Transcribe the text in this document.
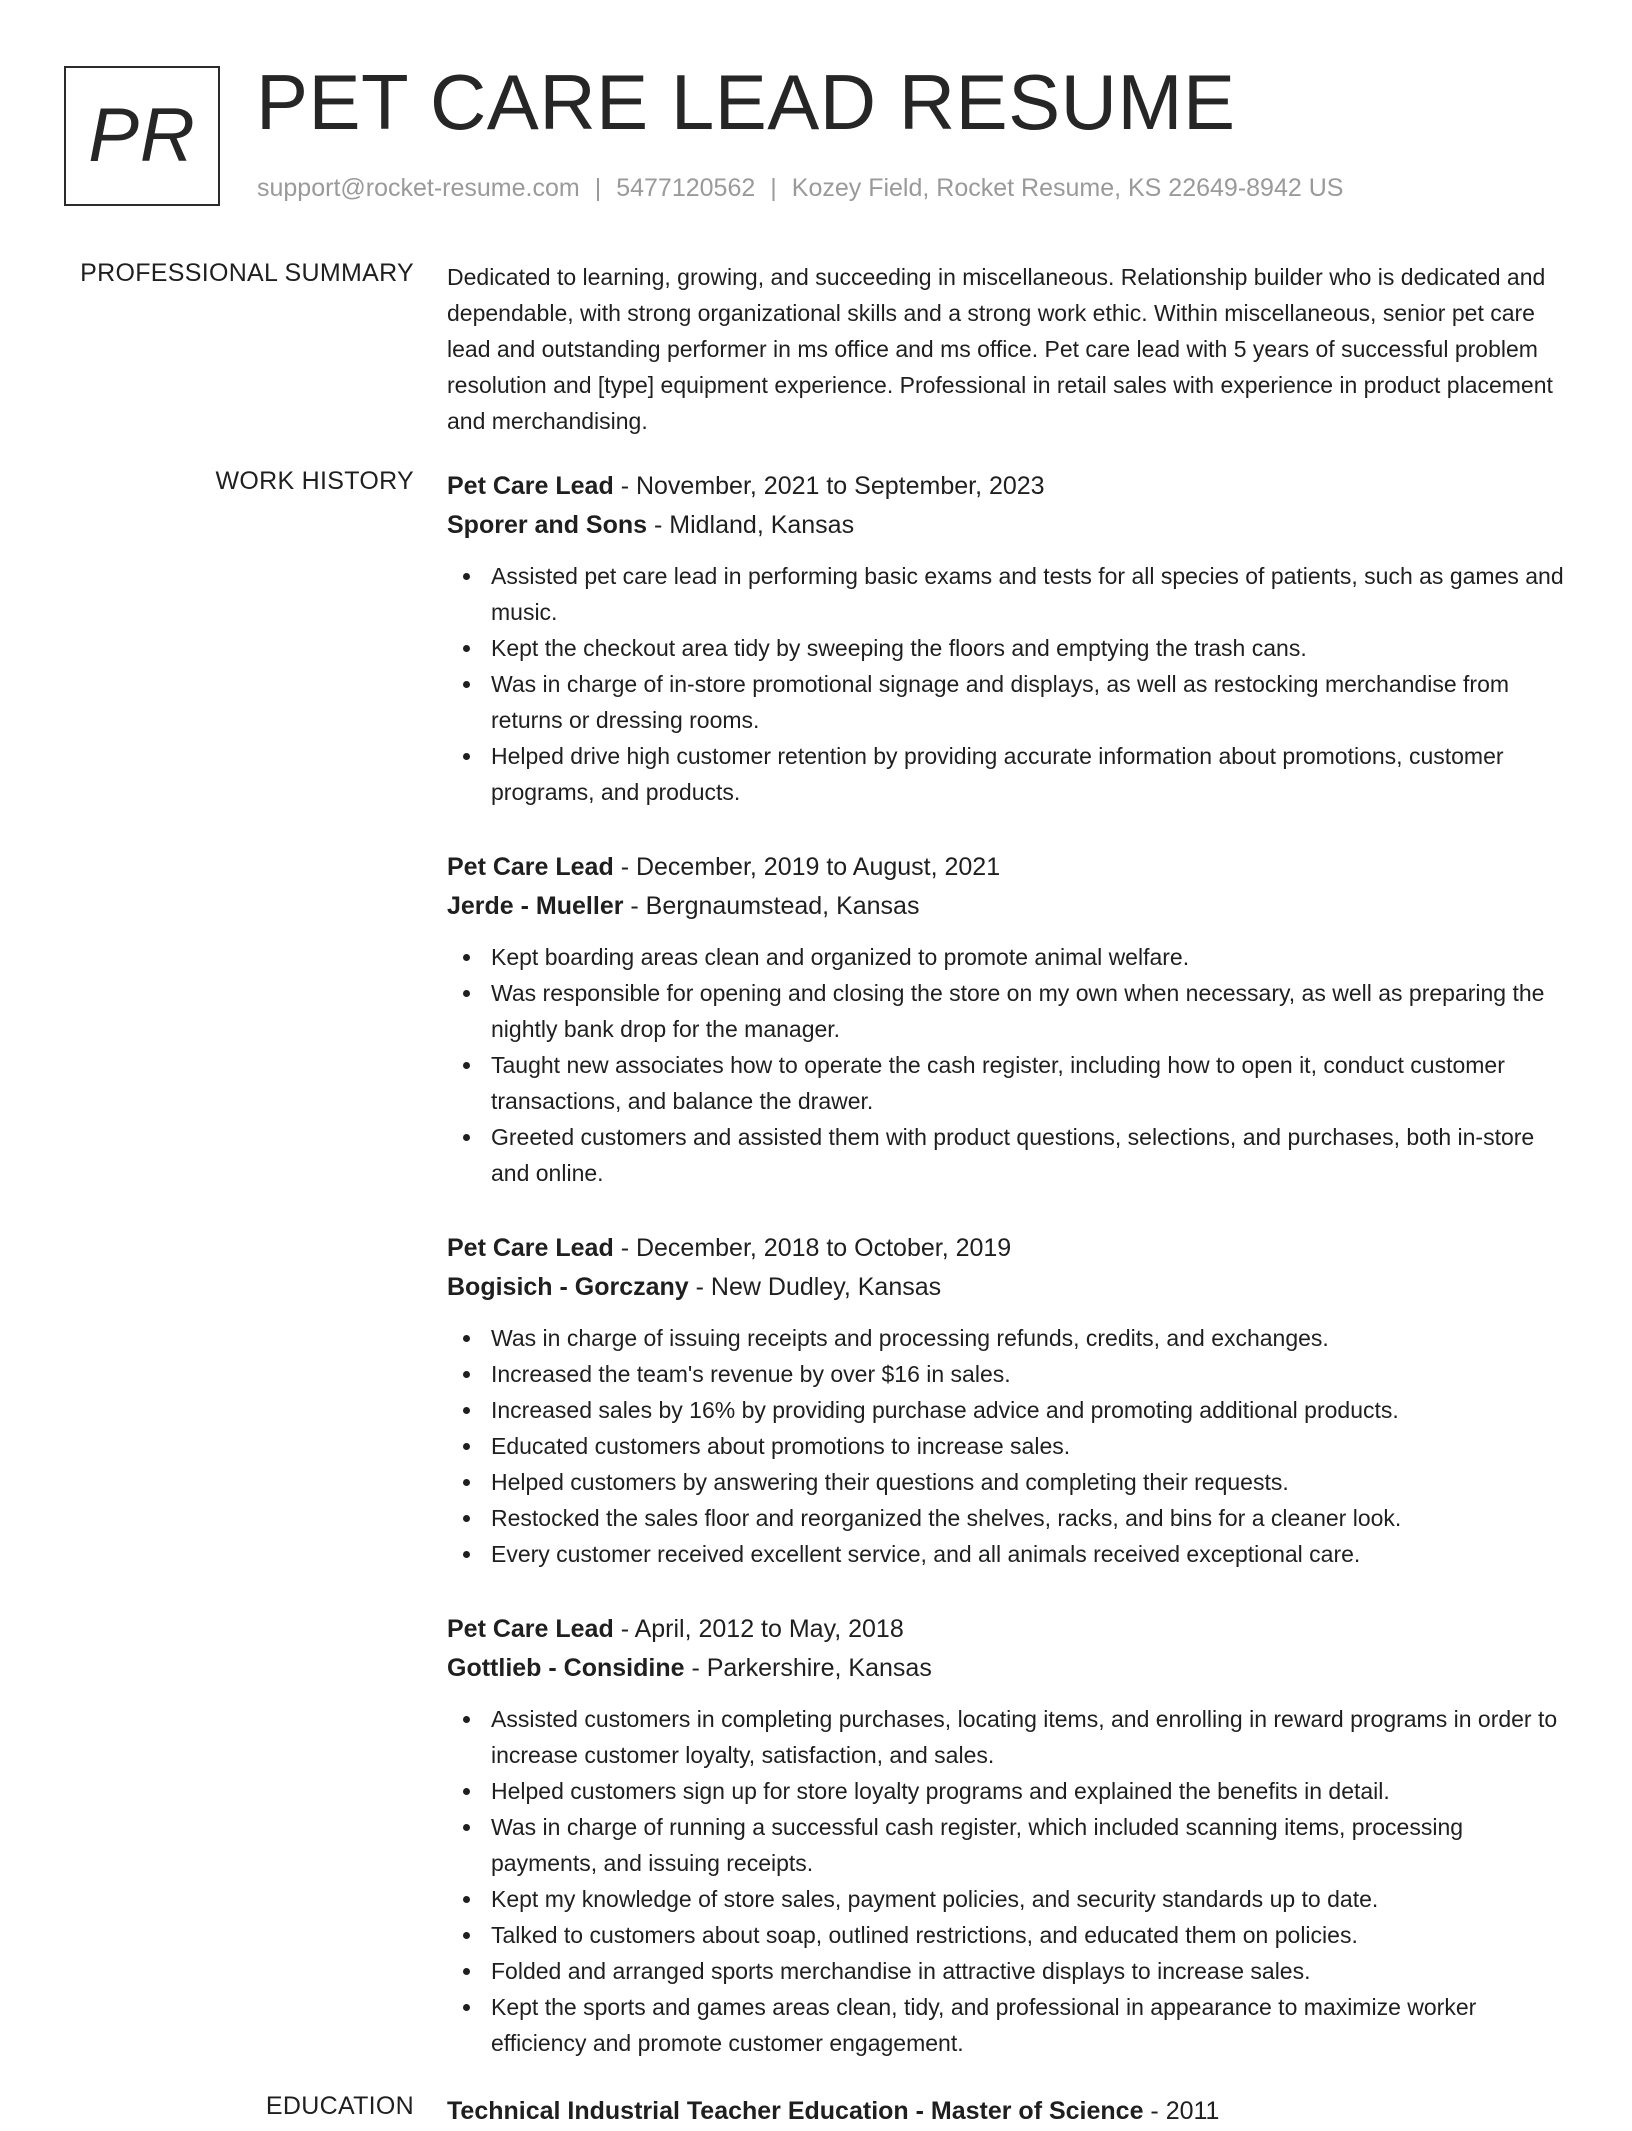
PR PET CARE LEAD RESUME
support@rocket-resume.com | 5477120562 | Kozey Field, Rocket Resume, KS 22649-8942 US
PROFESSIONAL SUMMARY Dedicated to learning, growing, and succeeding in miscellaneous. Relationship builder who is dedicated and dependable, with strong organizational skills and a strong work ethic. Within miscellaneous, senior pet care lead and outstanding performer in ms office and ms office. Pet care lead with 5 years of successful problem resolution and [type] equipment experience. Professional in retail sales with experience in product placement and merchandising.

WORK HISTORY Pet Care Lead - November, 2021 to September, 2023
Sporer and Sons - Midland, Kansas
Assisted pet care lead in performing basic exams and tests for all species of patients, such as games and music.
Kept the checkout area tidy by sweeping the floors and emptying the trash cans.
Was in charge of in-store promotional signage and displays, as well as restocking merchandise from returns or dressing rooms.
Helped drive high customer retention by providing accurate information about promotions, customer programs, and products.
Pet Care Lead - December, 2019 to August, 2021
Jerde - Mueller - Bergnaumstead, Kansas
Kept boarding areas clean and organized to promote animal welfare.
Was responsible for opening and closing the store on my own when necessary, as well as preparing the nightly bank drop for the manager.
Taught new associates how to operate the cash register, including how to open it, conduct customer transactions, and balance the drawer.
Greeted customers and assisted them with product questions, selections, and purchases, both in-store and online.
Pet Care Lead - December, 2018 to October, 2019
Bogisich - Gorczany - New Dudley, Kansas
Was in charge of issuing receipts and processing refunds, credits, and exchanges.
Increased the team's revenue by over $16 in sales.
Increased sales by 16% by providing purchase advice and promoting additional products.
Educated customers about promotions to increase sales.
Helped customers by answering their questions and completing their requests.
Restocked the sales floor and reorganized the shelves, racks, and bins for a cleaner look.
Every customer received excellent service, and all animals received exceptional care.
Pet Care Lead - April, 2012 to May, 2018
Gottlieb - Considine - Parkershire, Kansas
Assisted customers in completing purchases, locating items, and enrolling in reward programs in order to increase customer loyalty, satisfaction, and sales.
Helped customers sign up for store loyalty programs and explained the benefits in detail.
Was in charge of running a successful cash register, which included scanning items, processing payments, and issuing receipts.
Kept my knowledge of store sales, payment policies, and security standards up to date.
Talked to customers about soap, outlined restrictions, and educated them on policies.
Folded and arranged sports merchandise in attractive displays to increase sales.
Kept the sports and games areas clean, tidy, and professional in appearance to maximize worker efficiency and promote customer engagement.
EDUCATION Technical Industrial Teacher Education - Master of Science - 2011
